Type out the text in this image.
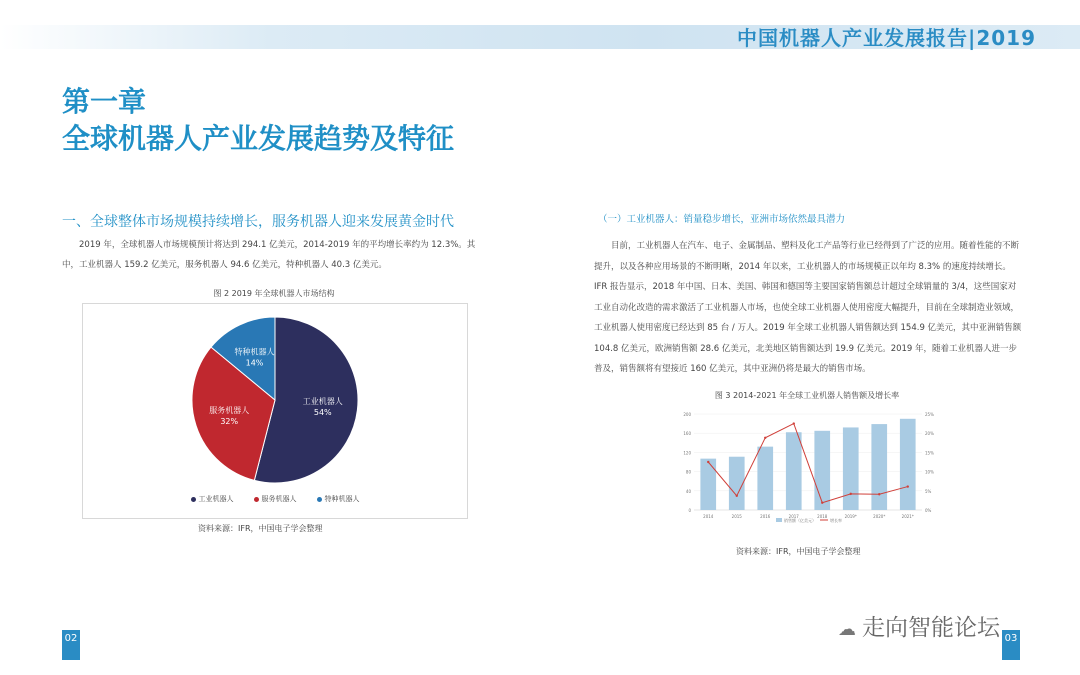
中国机器人产业发展报告|2019
第一章
全球机器人产业发展趋势及特征
一、全球整体市场规模持续增长，服务机器人迎来发展黄金时代
2019 年，全球机器人市场规模预计将达到 294.1 亿美元，2014-2019 年的平均增长率约为 12.3%。其中，工业机器人 159.2 亿美元，服务机器人 94.6 亿美元，特种机器人 40.3 亿美元。
图 2 2019 年全球机器人市场结构
工业机器人
54%
服务机器人
32%
特种机器人
14%
工业机器人	服务机器人	特种机器人
资料来源：IFR，中国电子学会整理
（一）工业机器人：销量稳步增长，亚洲市场依然最具潜力
目前，工业机器人在汽车、电子、金属制品、塑料及化工产品等行业已经得到了广泛的应用。随着性能的不断提升，以及各种应用场景的不断明晰，2014 年以来，工业机器人的市场规模正以年均 8.3% 的速度持续增长。IFR 报告显示，2018 年中国、日本、美国、韩国和德国等主要国家销售额总计超过全球销量的 3/4，这些国家对工业自动化改造的需求激活了工业机器人市场，也使全球工业机器人使用密度大幅提升，目前在全球制造业领域，工业机器人使用密度已经达到 85 台 / 万人。2019 年全球工业机器人销售额达到 154.9 亿美元，其中亚洲销售额 104.8 亿美元，欧洲销售额 28.6 亿美元，北美地区销售额达到 19.9 亿美元。2019 年，随着工业机器人进一步普及，销售额将有望接近 160 亿美元，其中亚洲仍将是最大的销售市场。
图 3 2014-2021 年全球工业机器人销售额及增长率
0	0%
40	5%
80	10%
120	15%
160	20%
200	25%
2014	2015	2016	2017	2018	2019*	2020*	2021*
销售额（亿美元）	增长率
资料来源：IFR，中国电子学会整理
02	03
☁ 走向智能论坛
